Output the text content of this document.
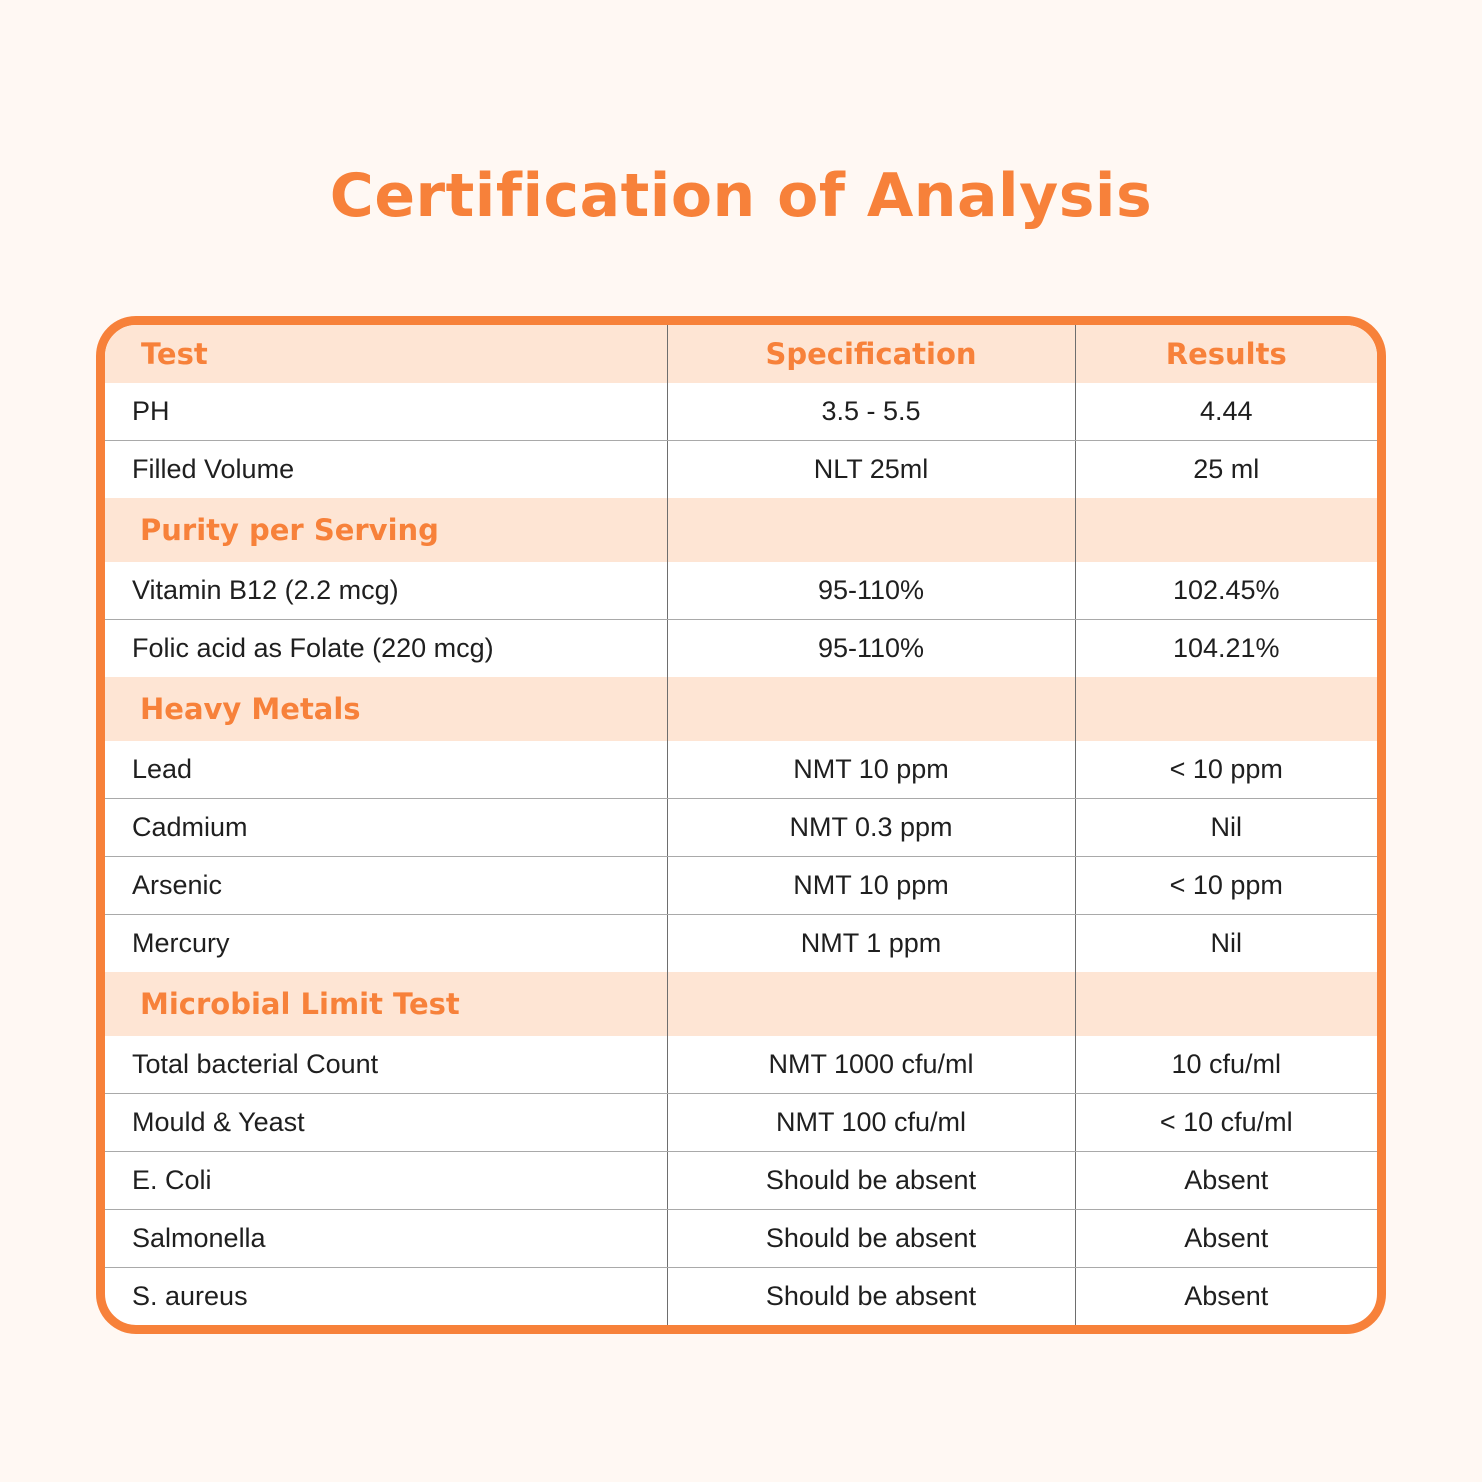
Certification of Analysis
Test	Specification	Results
PH	3.5 - 5.5	4.44
Filled Volume	NLT 25ml	25 ml
Purity per Serving		
Vitamin B12 (2.2 mcg)	95-110%	102.45%
Folic acid as Folate (220 mcg)	95-110%	104.21%
Heavy Metals		
Lead	NMT 10 ppm	< 10 ppm
Cadmium	NMT 0.3 ppm	Nil
Arsenic	NMT 10 ppm	< 10 ppm
Mercury	NMT 1 ppm	Nil
Microbial Limit Test		
Total bacterial Count	NMT 1000 cfu/ml	10 cfu/ml
Mould & Yeast	NMT 100 cfu/ml	< 10 cfu/ml
E. Coli	Should be absent	Absent
Salmonella	Should be absent	Absent
S. aureus	Should be absent	Absent
